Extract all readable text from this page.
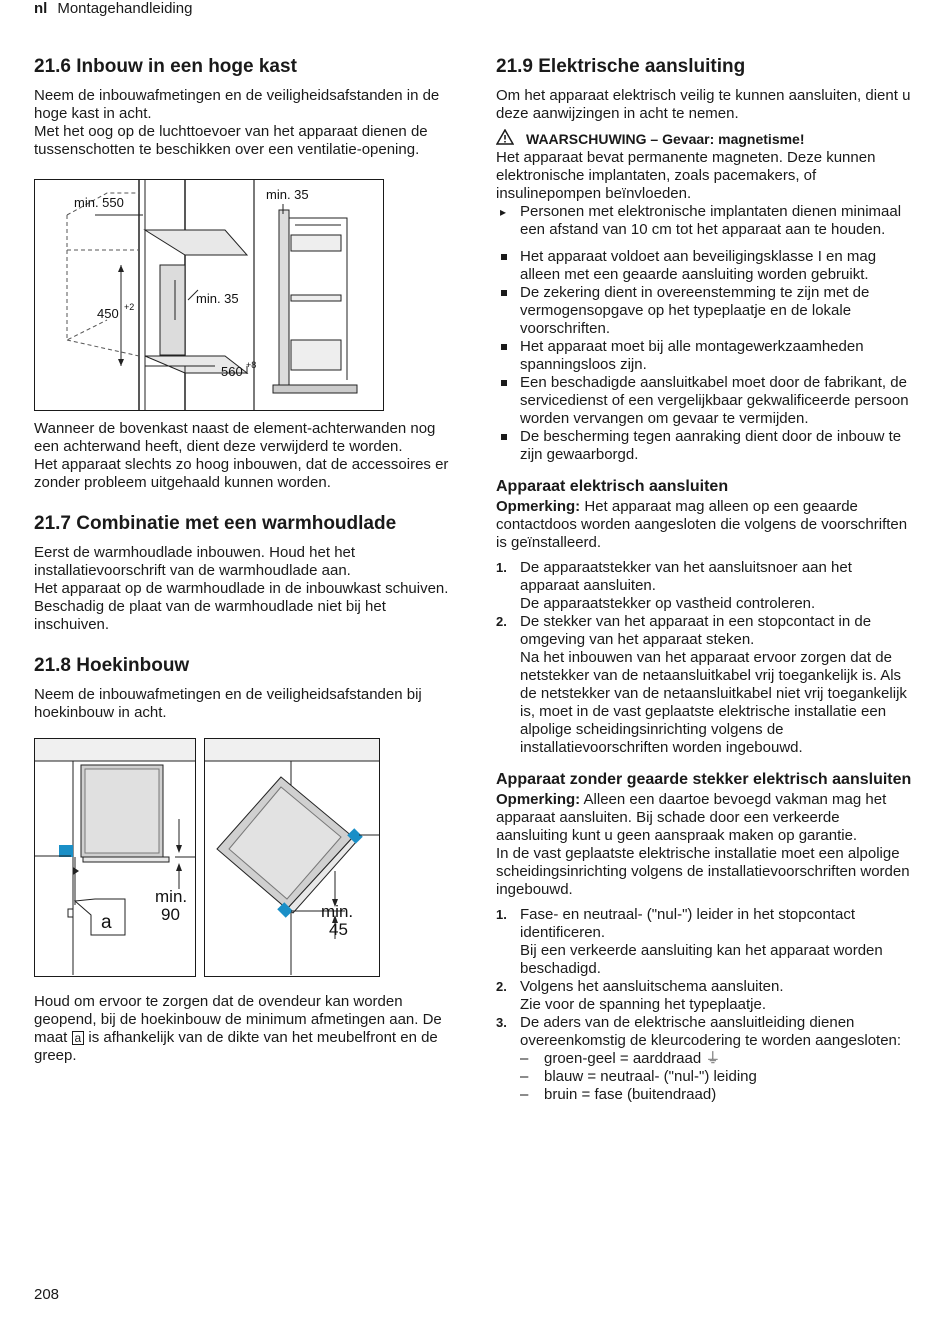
nl Montagehandleiding
21.6 Inbouw in een hoge kast

Neem de inbouwafmetingen en de veiligheidsafstanden in de hoge kast in acht.

Met het oog op de luchttoevoer van het apparaat dienen de tussenschotten te beschikken over een ventilatie-opening.

min. 550
min. 35
450 +2
min. 35
560 +8

Wanneer de bovenkast naast de element-achterwanden nog een achterwand heeft, dient deze verwijderd te worden.

Het apparaat slechts zo hoog inbouwen, dat de accessoires er zonder probleem uitgehaald kunnen worden.

21.7 Combinatie met een warmhoudlade

Eerst de warmhoudlade inbouwen. Houd het het installatievoorschrift van de warmhoudlade aan.

Het apparaat op de warmhoudlade in de inbouwkast schuiven. Beschadig de plaat van de warmhoudlade niet bij het inschuiven.

21.8 Hoekinbouw

Neem de inbouwafmetingen en de veiligheidsafstanden bij hoekinbouw in acht.

a
min.
90	min.
45

Houd om ervoor te zorgen dat de ovendeur kan worden geopend, bij de hoekinbouw de minimum afmetingen aan. De maat a is afhankelijk van de dikte van het meubelfront en de greep.

21.9 Elektrische aansluiting

Om het apparaat elektrisch veilig te kunnen aansluiten, dient u deze aanwijzingen in acht te nemen.

WAARSCHUWING – Gevaar: magnetisme!

Het apparaat bevat permanente magneten. Deze kunnen elektronische implantaten, zoals pacemakers, of insulinepompen beïnvloeden.

▸ Personen met elektronische implantaten dienen minimaal een afstand van 10 cm tot het apparaat aan te houden.
Het apparaat voldoet aan beveiligingsklasse I en mag alleen met een geaarde aansluiting worden gebruikt.
De zekering dient in overeenstemming te zijn met de vermogensopgave op het typeplaatje en de lokale voorschriften.
Het apparaat moet bij alle montagewerkzaamheden spanningsloos zijn.
Een beschadigde aansluitkabel moet door de fabrikant, de servicedienst of een vergelijkbaar gekwalificeerde persoon worden vervangen om gevaar te vermijden.
De bescherming tegen aanraking dient door de inbouw te zijn gewaarborgd.
Apparaat elektrisch aansluiten

Opmerking: Het apparaat mag alleen op een geaarde contactdoos worden aangesloten die volgens de voorschriften is geïnstalleerd.

1. De apparaatstekker van het aansluitsnoer aan het apparaat aansluiten.
De apparaatstekker op vastheid controleren.
2. De stekker van het apparaat in een stopcontact in de omgeving van het apparaat steken.
Na het inbouwen van het apparaat ervoor zorgen dat de netstekker van de netaansluitkabel vrij toegankelijk is. Als de netstekker van de netaansluitkabel niet vrij toegankelijk is, moet in de vast geplaatste elektrische installatie een alpolige scheidingsinrichting volgens de installatievoorschriften worden ingebouwd.
Apparaat zonder geaarde stekker elektrisch aansluiten

Opmerking: Alleen een daartoe bevoegd vakman mag het apparaat aansluiten. Bij schade door een verkeerde aansluiting kunt u geen aanspraak maken op garantie.

In de vast geplaatste elektrische installatie moet een alpolige scheidingsinrichting volgens de installatievoorschriften worden ingebouwd.

1. Fase- en neutraal- ("nul-") leider in het stopcontact identificeren.
Bij een verkeerde aansluiting kan het apparaat worden beschadigd.
2. Volgens het aansluitschema aansluiten.
Zie voor de spanning het typeplaatje.
3. De aders van de elektrische aansluitleiding dienen overeenkomstig de kleurcodering te worden aangesloten:
– groen-geel = aarddraad ⏚
– blauw = neutraal- ("nul-") leiding
– bruin = fase (buitendraad)
208
